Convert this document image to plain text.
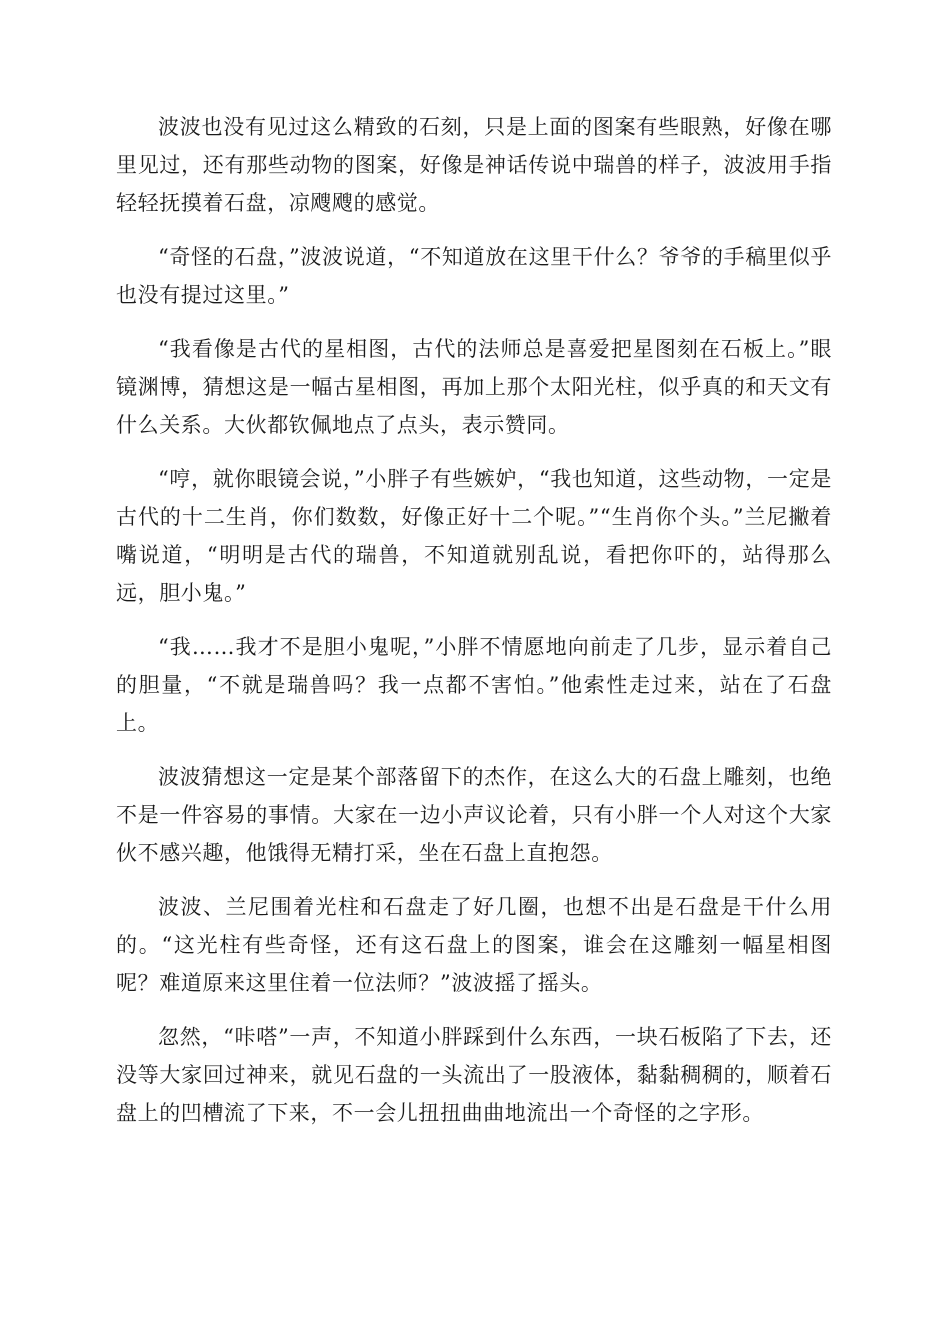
波波也没有见过这么精致的石刻，只是上面的图案有些眼熟，好像在哪里见过，还有那些动物的图案，好像是神话传说中瑞兽的样子，波波用手指轻轻抚摸着石盘，凉飕飕的感觉。

“奇怪的石盘，”波波说道，“不知道放在这里干什么？爷爷的手稿里似乎也没有提过这里。”

“我看像是古代的星相图，古代的法师总是喜爱把星图刻在石板上。”眼镜渊博，猜想这是一幅古星相图，再加上那个太阳光柱，似乎真的和天文有什么关系。大伙都钦佩地点了点头，表示赞同。

“哼，就你眼镜会说，”小胖子有些嫉妒，“我也知道，这些动物，一定是古代的十二生肖，你们数数，好像正好十二个呢。”“生肖你个头。”兰尼撇着嘴说道，“明明是古代的瑞兽，不知道就别乱说，看把你吓的，站得那么远，胆小鬼。”

“我……我才不是胆小鬼呢，”小胖不情愿地向前走了几步，显示着自己的胆量，“不就是瑞兽吗？我一点都不害怕。”他索性走过来，站在了石盘上。

波波猜想这一定是某个部落留下的杰作，在这么大的石盘上雕刻，也绝不是一件容易的事情。大家在一边小声议论着，只有小胖一个人对这个大家伙不感兴趣，他饿得无精打采，坐在石盘上直抱怨。

波波、兰尼围着光柱和石盘走了好几圈，也想不出是石盘是干什么用的。“这光柱有些奇怪，还有这石盘上的图案，谁会在这雕刻一幅星相图呢？难道原来这里住着一位法师？”波波摇了摇头。

忽然，“咔嗒”一声，不知道小胖踩到什么东西，一块石板陷了下去，还没等大家回过神来，就见石盘的一头流出了一股液体，黏黏稠稠的，顺着石盘上的凹槽流了下来，不一会儿扭扭曲曲地流出一个奇怪的之字形。
